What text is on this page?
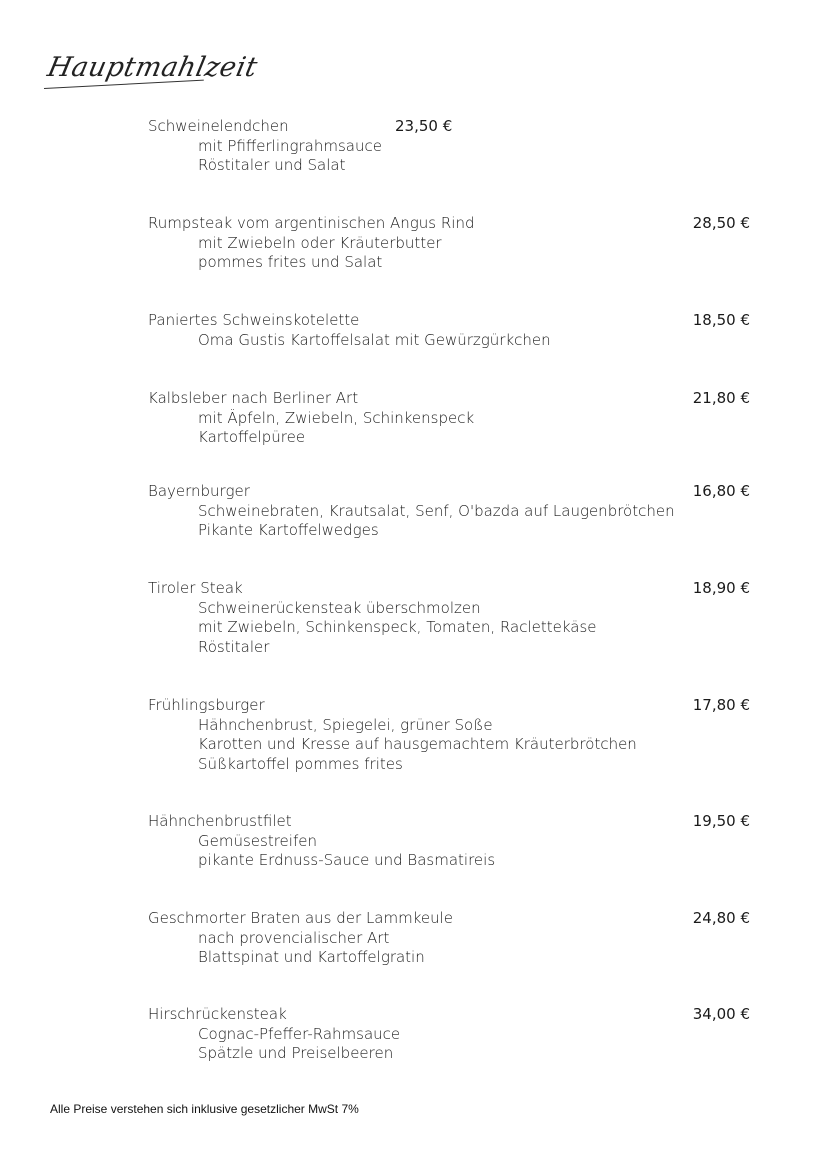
Hauptmahlzeit
Schweinelendchen	23,50 €
mit Pfifferlingrahmsauce
Röstitaler und Salat
Rumpsteak vom argentinischen Angus Rind	28,50 €
mit Zwiebeln oder Kräuterbutter
pommes frites und Salat
Paniertes Schweinskotelette	18,50 €
Oma Gustis Kartoffelsalat mit Gewürzgürkchen
Kalbsleber nach Berliner Art	21,80 €
mit Äpfeln, Zwiebeln, Schinkenspeck
Kartoffelpüree
Bayernburger	16,80 €
Schweinebraten, Krautsalat, Senf, O'bazda auf Laugenbrötchen
Pikante Kartoffelwedges
Tiroler Steak	18,90 €
Schweinerückensteak überschmolzen
mit Zwiebeln, Schinkenspeck, Tomaten, Raclettekäse
Röstitaler
Frühlingsburger	17,80 €
Hähnchenbrust, Spiegelei, grüner Soße
Karotten und Kresse auf hausgemachtem Kräuterbrötchen
Süßkartoffel pommes frites
Hähnchenbrustfilet	19,50 €
Gemüsestreifen
pikante Erdnuss-Sauce und Basmatireis
Geschmorter Braten aus der Lammkeule	24,80 €
nach provencialischer Art
Blattspinat und Kartoffelgratin
Hirschrückensteak	34,00 €
Cognac-Pfeffer-Rahmsauce
Spätzle und Preiselbeeren
Alle Preise verstehen sich inklusive gesetzlicher MwSt 7%
